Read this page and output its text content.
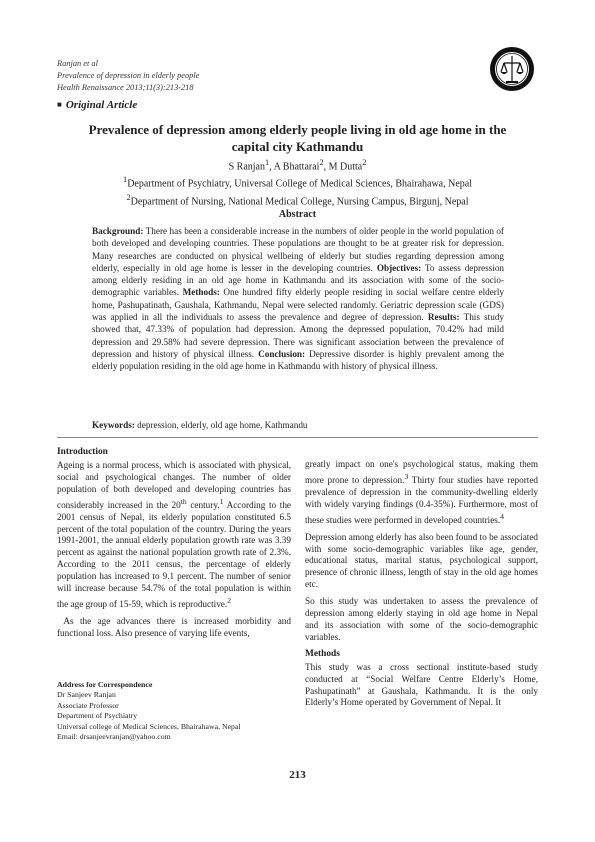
Ranjan et al
Prevalence of depression in elderly people
Health Renaissance 2013;11(3):213-218
■ Original Article
Prevalence of depression among elderly people living in old age home in the capital city Kathmandu
S Ranjan$^1$, A Bhattarai$^2$, M Dutta$^2$
$^1$Department of Psychiatry, Universal College of Medical Sciences, Bhairahawa, Nepal
$^2$Department of Nursing, National Medical College, Nursing Campus, Birgunj, Nepal
Abstract
Background: There has been a considerable increase in the numbers of older people in the world population of both developed and developing countries. These populations are thought to be at greater risk for depression. Many researches are conducted on physical wellbeing of elderly but studies regarding depression among elderly, especially in old age home is lesser in the developing countries. Objectives: To assess depression among elderly residing in an old age home in Kathmandu and its association with some of the socio-demographic variables. Methods: One hundred fifty elderly people residing in social welfare centre elderly home, Pashupatinath, Gaushala, Kathmandu, Nepal were selected randomly. Geriatric depression scale (GDS) was applied in all the individuals to assess the prevalence and degree of depression. Results: This study showed that, 47.33% of population had depression. Among the depressed population, 70.42% had mild depression and 29.58% had severe depression. There was significant association between the prevalence of depression and history of physical illness. Conclusion: Depressive disorder is highly prevalent among the elderly population residing in the old age home in Kathmandu with history of physical illness.
Keywords: depression, elderly, old age home, Kathmandu
Introduction

Ageing is a normal process, which is associated with physical, social and psychological changes. The number of older population of both developed and developing countries has considerably increased in the 20th century.$^1$ According to the 2001 census of Nepal, its elderly population constituted 6.5 percent of the total population of the country. During the years 1991-2001, the annual elderly population growth rate was 3.39 percent as against the national population growth rate of 2.3%. According to the 2011 census, the percentage of elderly population has increased to 9.1 percent. The number of senior will increase because 54.7% of the total population is within the age group of 15-59, which is reproductive.$^2$

As the age advances there is increased morbidity and functional loss. Also presence of varying life events,

greatly impact on one's psychological status, making them more prone to depression.$^3$ Thirty four studies have reported prevalence of depression in the community-dwelling elderly with widely varying findings (0.4-35%). Furthermore, most of these studies were performed in developed countries.$^4$

Depression among elderly has also been found to be associated with some socio-demographic variables like age, gender, educational status, marital status, psychological support, presence of chronic illness, length of stay in the old age homes etc.

So this study was undertaken to assess the prevalence of depression among elderly staying in old age home in Nepal and its association with some of the socio-demographic variables.

Methods

This study was a cross sectional institute-based study conducted at “Social Welfare Centre Elderly’s Home, Pashupatinath” at Gaushala, Kathmandu. It is the only Elderly’s Home operated by Government of Nepal. It

Address for Correspondence
Dr Sanjeev Ranjan
Associate Professor
Department of Psychiatry
Universal college of Medical Sciences, Bhairahawa, Nepal
Email: drsanjeevranjan@yahoo.com
213
